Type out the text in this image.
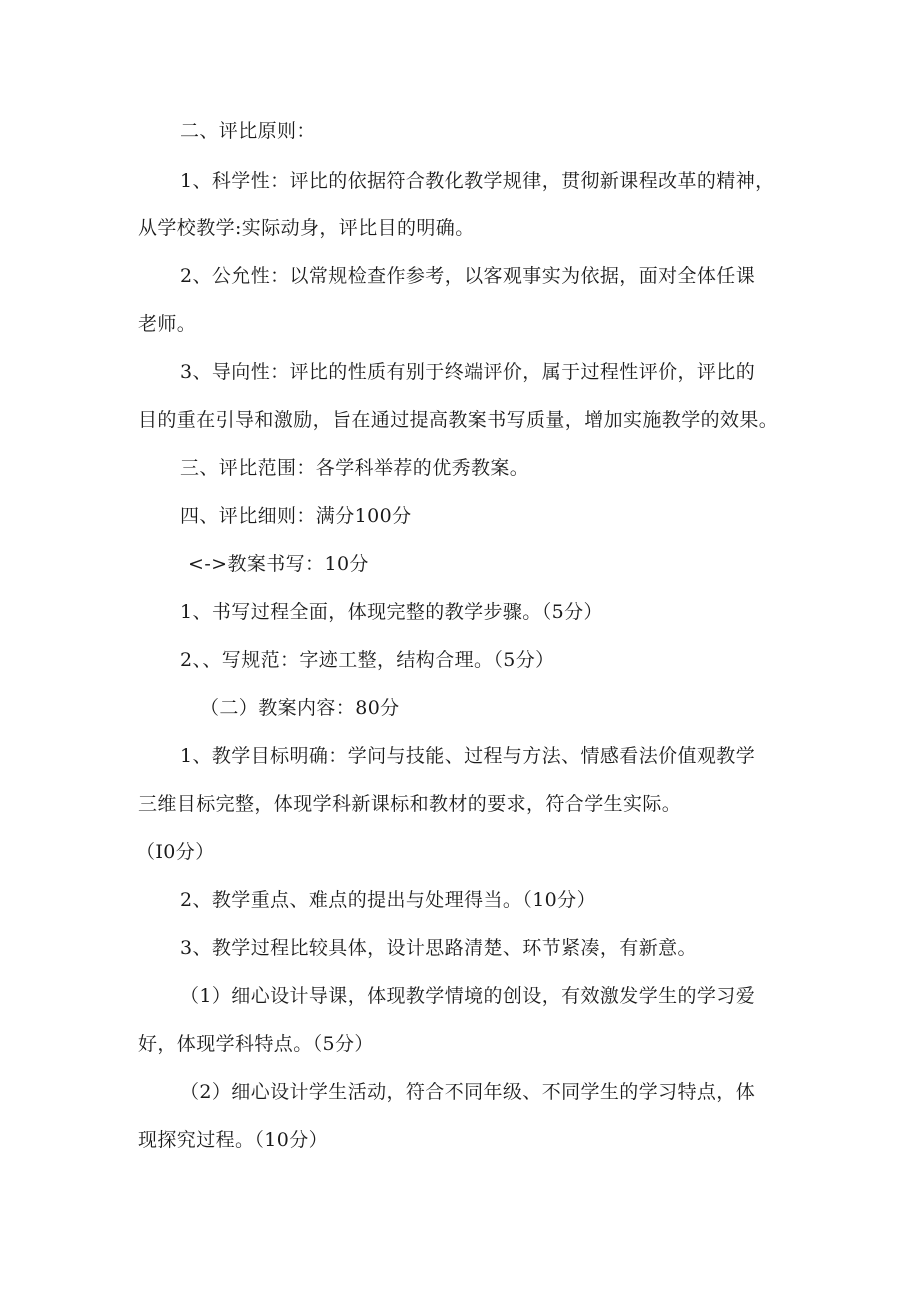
二、评比原则：
1、科学性：评比的依据符合教化教学规律，贯彻新课程改革的精神，
从学校教学:实际动身，评比目的明确。
2、公允性：以常规检查作参考，以客观事实为依据，面对全体任课
老师。
3、导向性：评比的性质有别于终端评价，属于过程性评价，评比的
目的重在引导和激励，旨在通过提高教案书写质量，增加实施教学的效果。
三、评比范围：各学科举荐的优秀教案。
四、评比细则：满分100分
<->教案书写：10分
1、书写过程全面，体现完整的教学步骤。（5分）
2、、写规范：字迹工整，结构合理。（5分）
（二）教案内容：80分
1、教学目标明确：学问与技能、过程与方法、情感看法价值观教学
三维目标完整，体现学科新课标和教材的要求，符合学生实际。
（I0分）
2、教学重点、难点的提出与处理得当。（10分）
3、教学过程比较具体，设计思路清楚、环节紧凑，有新意。
（1）细心设计导课，体现教学情境的创设，有效激发学生的学习爱
好，体现学科特点。（5分）
（2）细心设计学生活动，符合不同年级、不同学生的学习特点，体
现探究过程。（10分）
